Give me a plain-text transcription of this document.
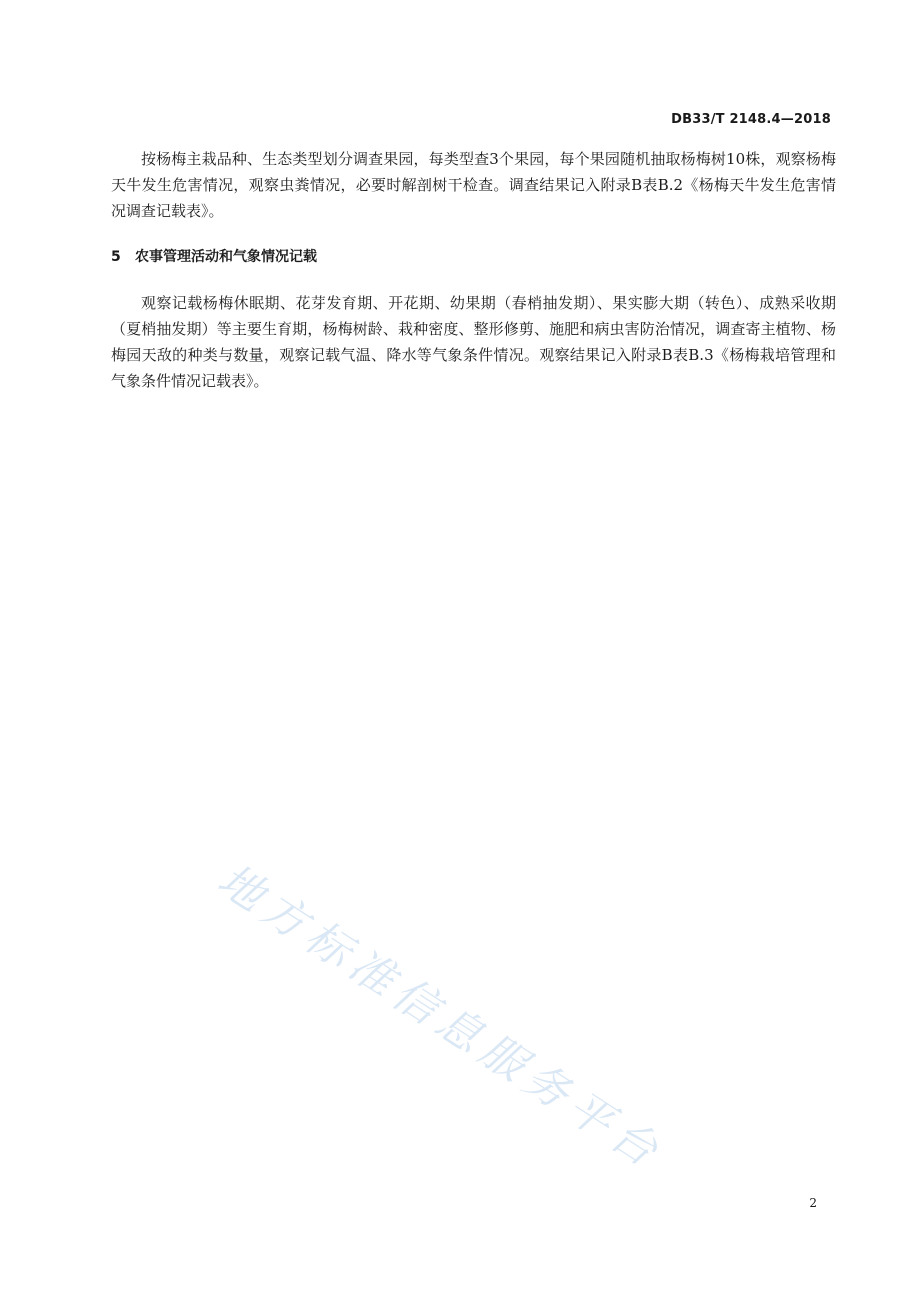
DB33/T 2148.4—2018

按杨梅主栽品种、生态类型划分调查果园，每类型查3个果园，每个果园随机抽取杨梅树10株，观察杨梅天牛发生危害情况，观察虫粪情况，必要时解剖树干检查。调查结果记入附录B表B.2《杨梅天牛发生危害情况调查记载表》。

5 农事管理活动和气象情况记载

观察记载杨梅休眠期、花芽发育期、开花期、幼果期（春梢抽发期）、果实膨大期（转色）、成熟采收期（夏梢抽发期）等主要生育期，杨梅树龄、栽种密度、整形修剪、施肥和病虫害防治情况，调查寄主植物、杨梅园天敌的种类与数量，观察记载气温、降水等气象条件情况。观察结果记入附录B表B.3《杨梅栽培管理和气象条件情况记载表》。

地方标准信息服务平台
2
